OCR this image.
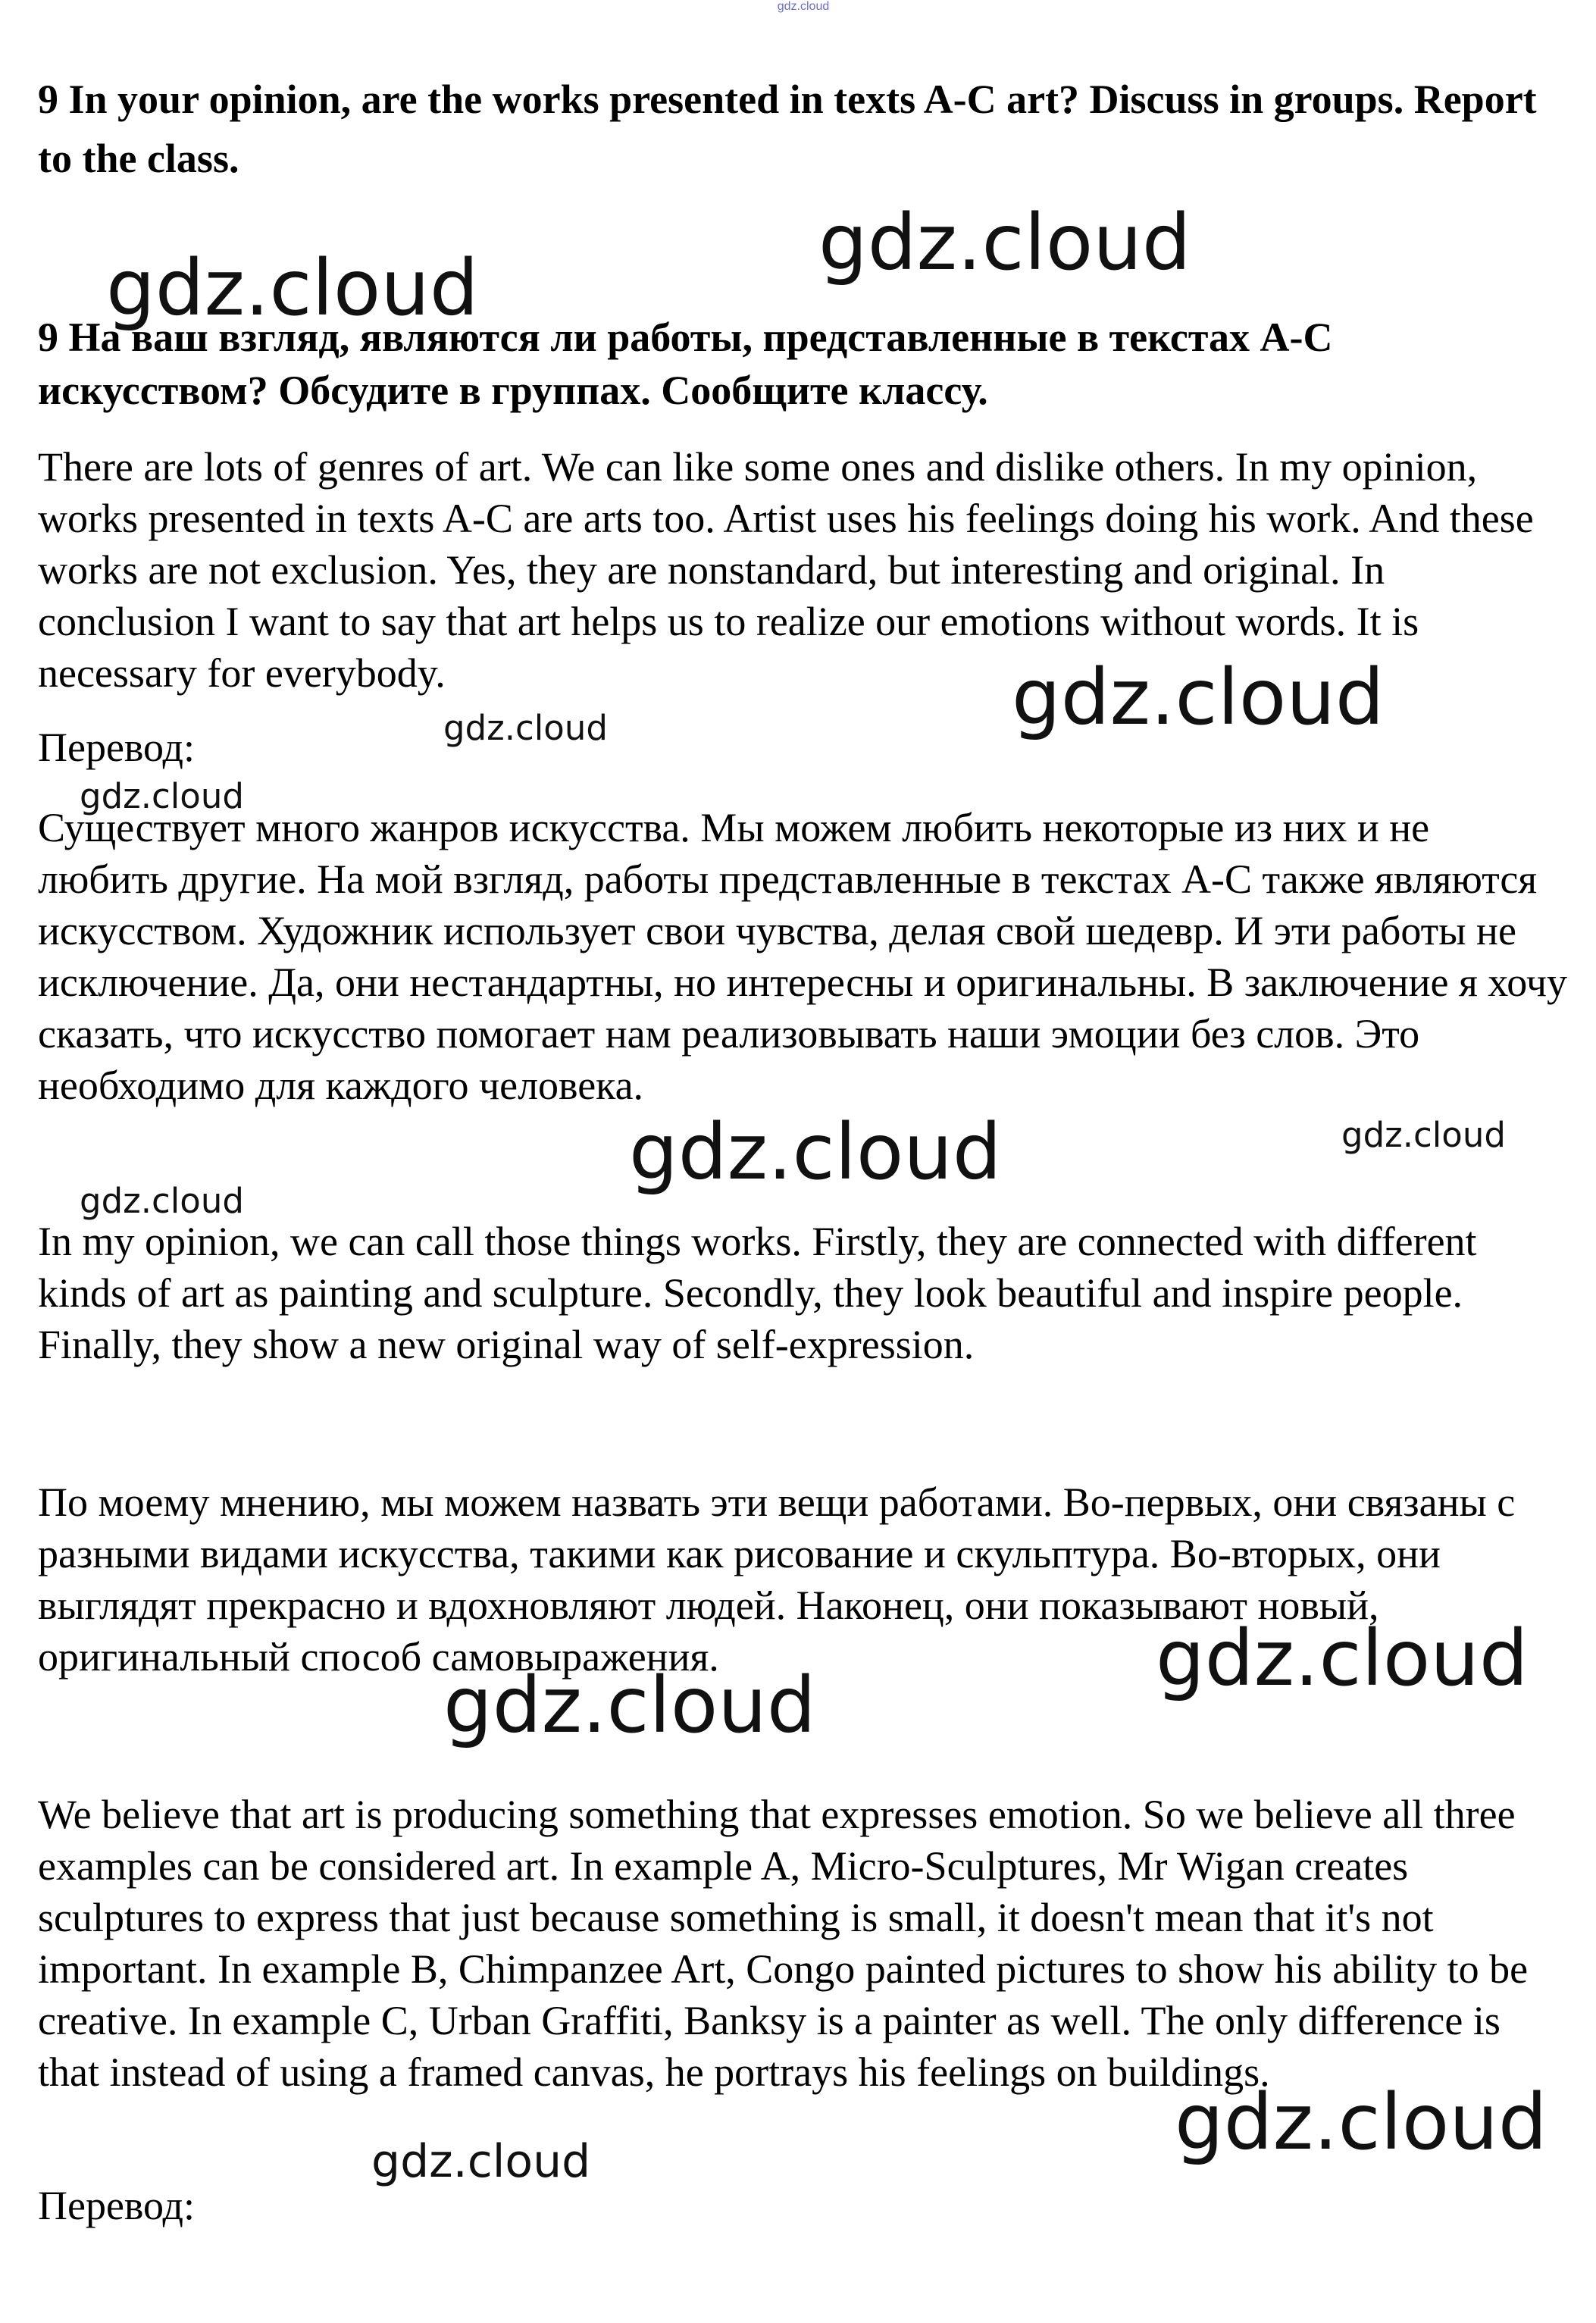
gdz.cloud
9 In your opinion, are the works presented in texts A-C art? Discuss in groups. Report to the class.
9 На ваш взгляд, являются ли работы, представленные в текстах А-С искусством? Обсудите в группах. Сообщите классу.
There are lots of genres of art. We can like some ones and dislike others. In my opinion, works presented in texts A-C are arts too. Artist uses his feelings doing his work. And these works are not exclusion. Yes, they are nonstandard, but interesting and original. In conclusion I want to say that art helps us to realize our emotions without words. It is necessary for everybody.
Перевод:
Существует много жанров искусства. Мы можем любить некоторые из них и не любить другие. На мой взгляд, работы представленные в текстах А-С также являются искусством. Художник использует свои чувства, делая свой шедевр. И эти работы не исключение. Да, они нестандартны, но интересны и оригинальны. В заключение я хочу сказать, что искусство помогает нам реализовывать наши эмоции без слов. Это необходимо для каждого человека.
In my opinion, we can call those things works. Firstly, they are connected with different kinds of art as painting and sculpture. Secondly, they look beautiful and inspire people. Finally, they show a new original way of self-expression.
По моему мнению, мы можем назвать эти вещи работами. Во-первых, они связаны с разными видами искусства, такими как рисование и скульптура. Во-вторых, они выглядят прекрасно и вдохновляют людей. Наконец, они показывают новый, оригинальный способ самовыражения.
We believe that art is producing something that expresses emotion. So we believe all three examples can be considered art. In example A, Micro-Sculptures, Mr Wigan creates sculptures to express that just because something is small, it doesn't mean that it's not important. In example B, Chimpanzee Art, Congo painted pictures to show his ability to be creative. In example C, Urban Graffiti, Banksy is a painter as well. The only difference is that instead of using a framed canvas, he portrays his feelings on buildings.
Перевод:
gdz.cloud
gdz.cloud
gdz.cloud
gdz.cloud
gdz.cloud
gdz.cloud	gdz.cloud
gdz.cloud
gdz.cloud
gdz.cloud
gdz.cloud
gdz.cloud
